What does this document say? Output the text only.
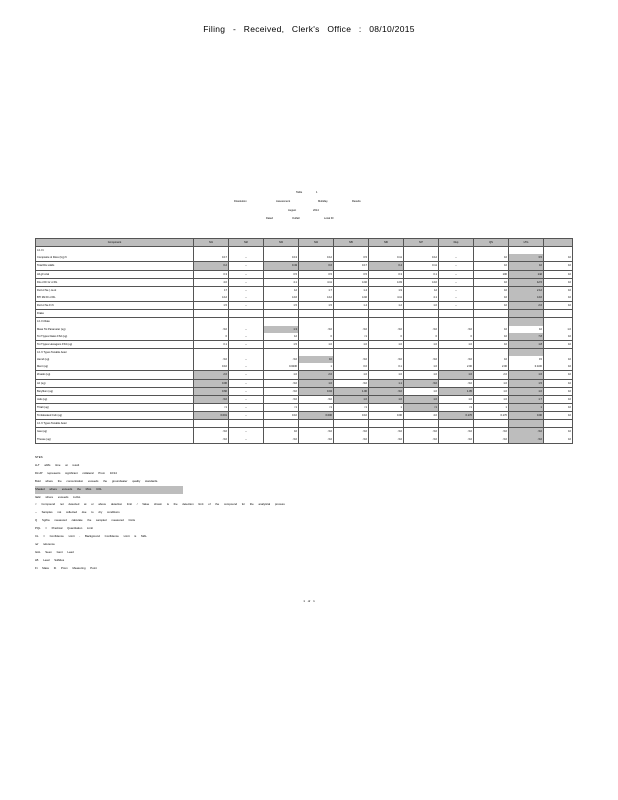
Filing - Received, Clerk's Office : 08/10/2015
Table	1
Dissolution	Assessment	Multiday	Results
August	2014
Dated	Outfall	Local ID
Component	M1	M2	M3	M4	M5	M6	M7	Dup	QS	LTG	
4.1 Ft											
Composite ol Ross (Ug) ft	0.17	--	0.13	0.12	0.5	0.11	0.12	--	10	3.5	10
Total Dis solids	0.2	--	0.43	0.6	0.17	0.4	0.11	--	10	10	10
All g0 ozal	0.3	--	0.5	0.5	0.5	0.3	0.1	--	100	142	10
Dis ol Dr Gr ol RL	4.0	--	4.1	4.11	4.02	4.03	4.10	--	10	12.5	10
Dvd ol Ne ( ca ol	17	--	12	1.7	1.4	1.9	12	--	10	2.12	10
BTI Md Dr ol RL	4.12	--	4.16	4.12	4.02	4.11	4.1	--	10	4.16	10
Dvd ol Ne Ft ft	1.5	--	1.5	1.5	1.4	1.2	1.0	--	10	2.6	10
Drake											
4.1 Ft Rate											
Mass Tot Parameter (ug)	<10	--	1.3	<10	<10	<10	<10	<10	10	10	1.0
Tot Ttypes Dates FS2 (ug)	0	--	12	0	<1	0	0	0	10	7.8	10
Tot Ttypes Hexagons FS3 (ug)	0.1	--	1.5	1.0	1.0	1.0	1.0	1.0	10	1.8	10
4.1 ft Types Tenable Aster											
Hemd (ug)	<10	--	<10	10	<10	<10	<10	<10	10	15	10
Ment (ug)	0.10	--	0.0230	1	0.0	0.1	1.0	2.00	2.00	0.10/0	10
Zinado (ug)	2.0	--	1.0	2.0	1.0	1.0	1.0	1.0	2.0	1.6	10
Ari (ug)	0.06	--	<10	1.0	<10	1.1	<10	<10	1.0	1.5	10
Beryllium (ug)	0.60	--	<10	0.04	1.00	<10	1.0	1.05	1.0	1.0	10
Jafe (ug)	<10	--	<10	<10	1.0	1.0	1.0	1.0	1.0	1.7	10
Thtalt (ug)	<1	--	<1	<1	<1	1	<1	<1	1	1	10
Tot Elevated Cub (ug)	0.001	--	0.10	0.000	0.10	0.00	4.0	0.170	0.170	0.00	10
4.1 ft Types Tenable Aster											
Gas (ug)	<10	--	10	<10	<10	<10	<10	<10	<10	<10	10
Thesse (ug)	<10	--	<10	<10	<10	<10	<10	<10	<10	<10	10
NTES:
LLT a/Ms time at result
DLUP represents significant collateral Prom 10/14
Bold where the concentration exceeds the groundwater quality standards.
Shaded where exceeds the MAL COL
Italic where exceeds LHGL
< Compound not detected at or above detection limit / Value shown is the detection limit of the compound for the analytical process
-- Samples not collected due to dry conditions
Q Sg/Ka measured calculate the sampled measured limits
PQL = Practical Quantitation Limit
CL = Confidence Limit - Background Confidence Limit is MAL
ref reference
GAL Seen Gent Lead
LB Lead Sulfides
Ft Mass Ft Prom Measuring Point
1 of 1
